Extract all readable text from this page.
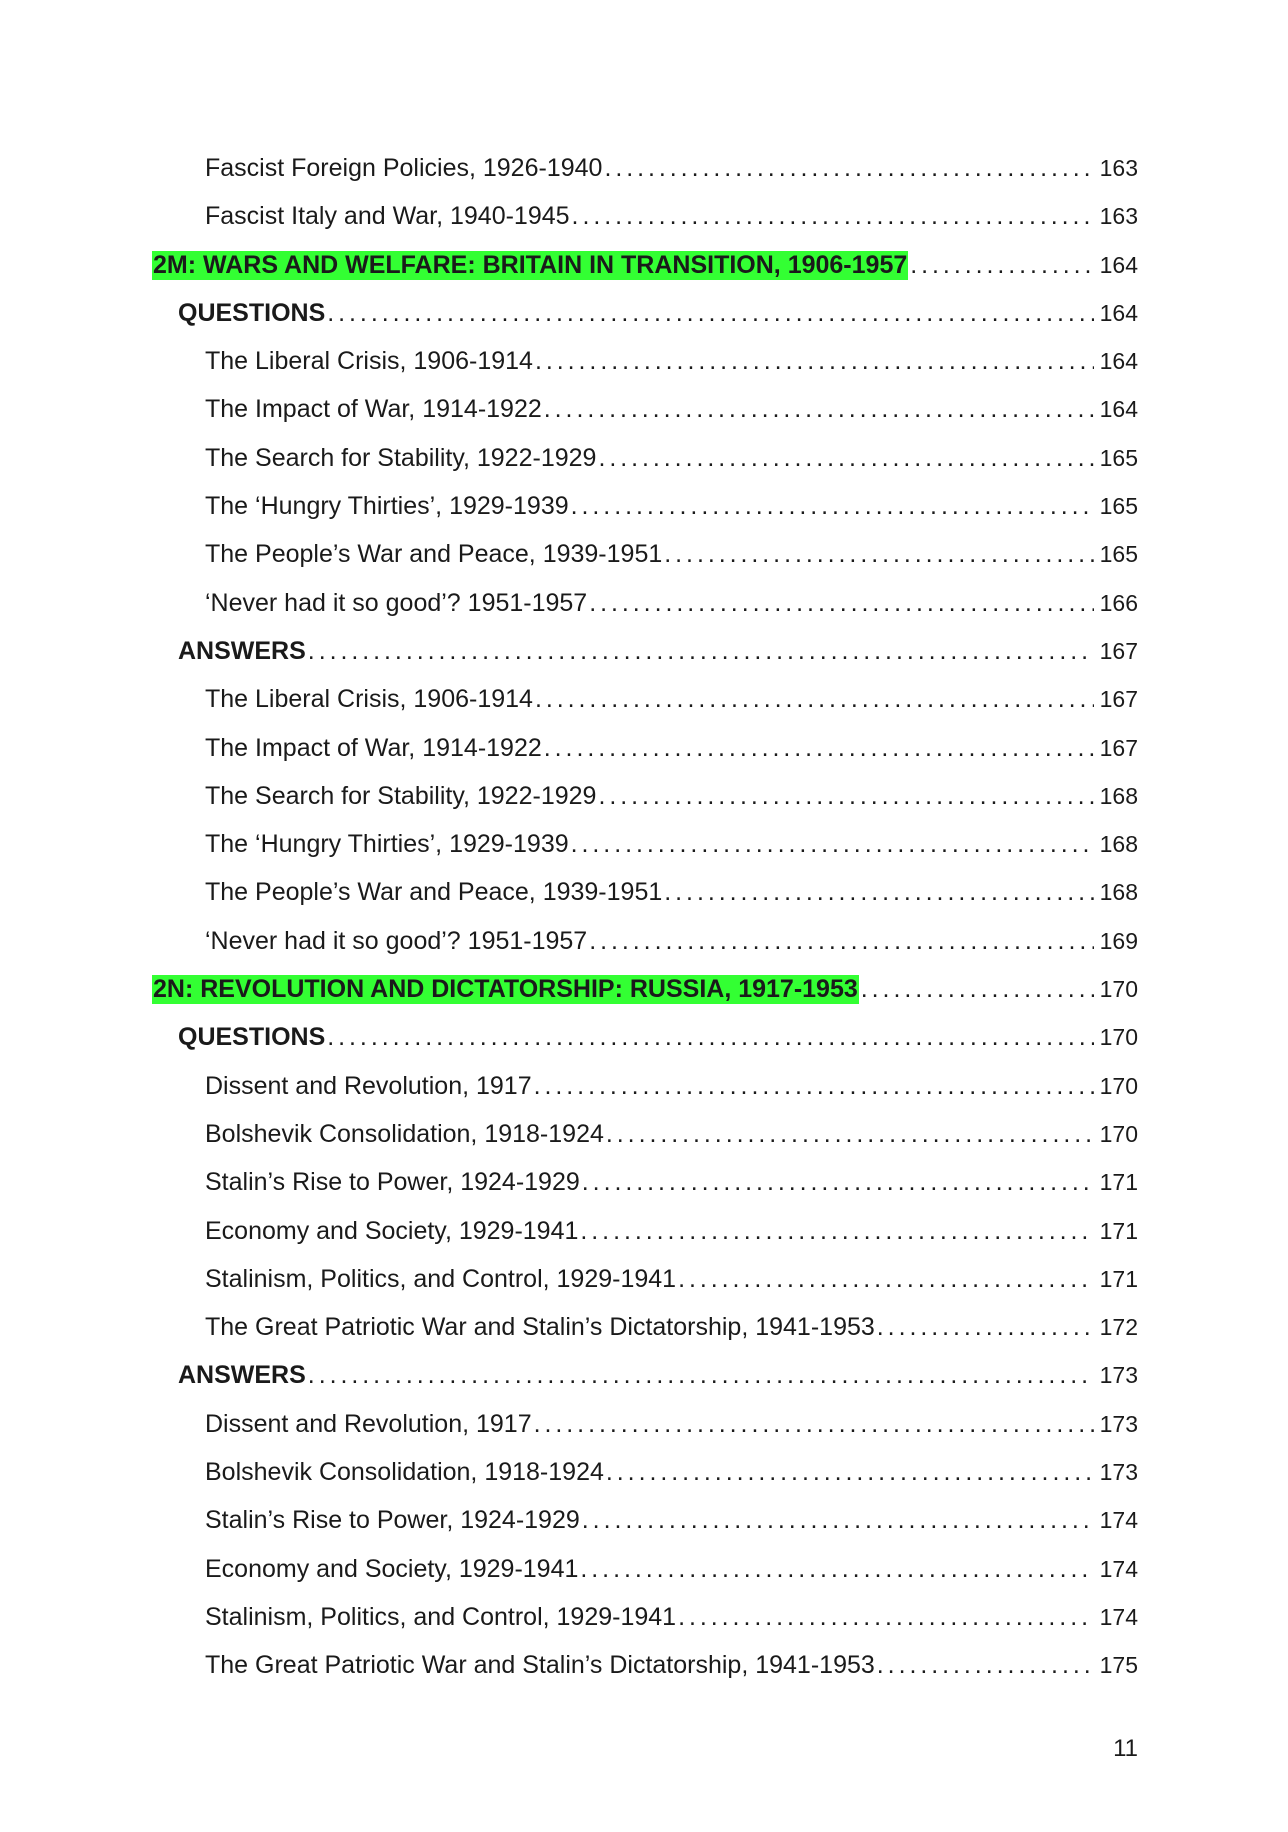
Fascist Foreign Policies, 1926-1940 . . .	163
Fascist Italy and War, 1940-1945 . . .	163
2M: WARS AND WELFARE: BRITAIN IN TRANSITION, 1906-1957 . . .	164
QUESTIONS . . .	164
The Liberal Crisis, 1906-1914 . . .	164
The Impact of War, 1914-1922 . . .	164
The Search for Stability, 1922-1929 . . .	165
The ‘Hungry Thirties’, 1929-1939 . . .	165
The People’s War and Peace, 1939-1951 . . .	165
‘Never had it so good’? 1951-1957 . . .	166
ANSWERS . . .	167
The Liberal Crisis, 1906-1914 . . .	167
The Impact of War, 1914-1922 . . .	167
The Search for Stability, 1922-1929 . . .	168
The ‘Hungry Thirties’, 1929-1939 . . .	168
The People’s War and Peace, 1939-1951 . . .	168
‘Never had it so good’? 1951-1957 . . .	169
2N: REVOLUTION AND DICTATORSHIP: RUSSIA, 1917-1953 . . .	170
QUESTIONS . . .	170
Dissent and Revolution, 1917 . . .	170
Bolshevik Consolidation, 1918-1924 . . .	170
Stalin’s Rise to Power, 1924-1929 . . .	171
Economy and Society, 1929-1941 . . .	171
Stalinism, Politics, and Control, 1929-1941 . . .	171
The Great Patriotic War and Stalin’s Dictatorship, 1941-1953 . . .	172
ANSWERS . . .	173
Dissent and Revolution, 1917 . . .	173
Bolshevik Consolidation, 1918-1924 . . .	173
Stalin’s Rise to Power, 1924-1929 . . .	174
Economy and Society, 1929-1941 . . .	174
Stalinism, Politics, and Control, 1929-1941 . . .	174
The Great Patriotic War and Stalin’s Dictatorship, 1941-1953 . . .	175
11
